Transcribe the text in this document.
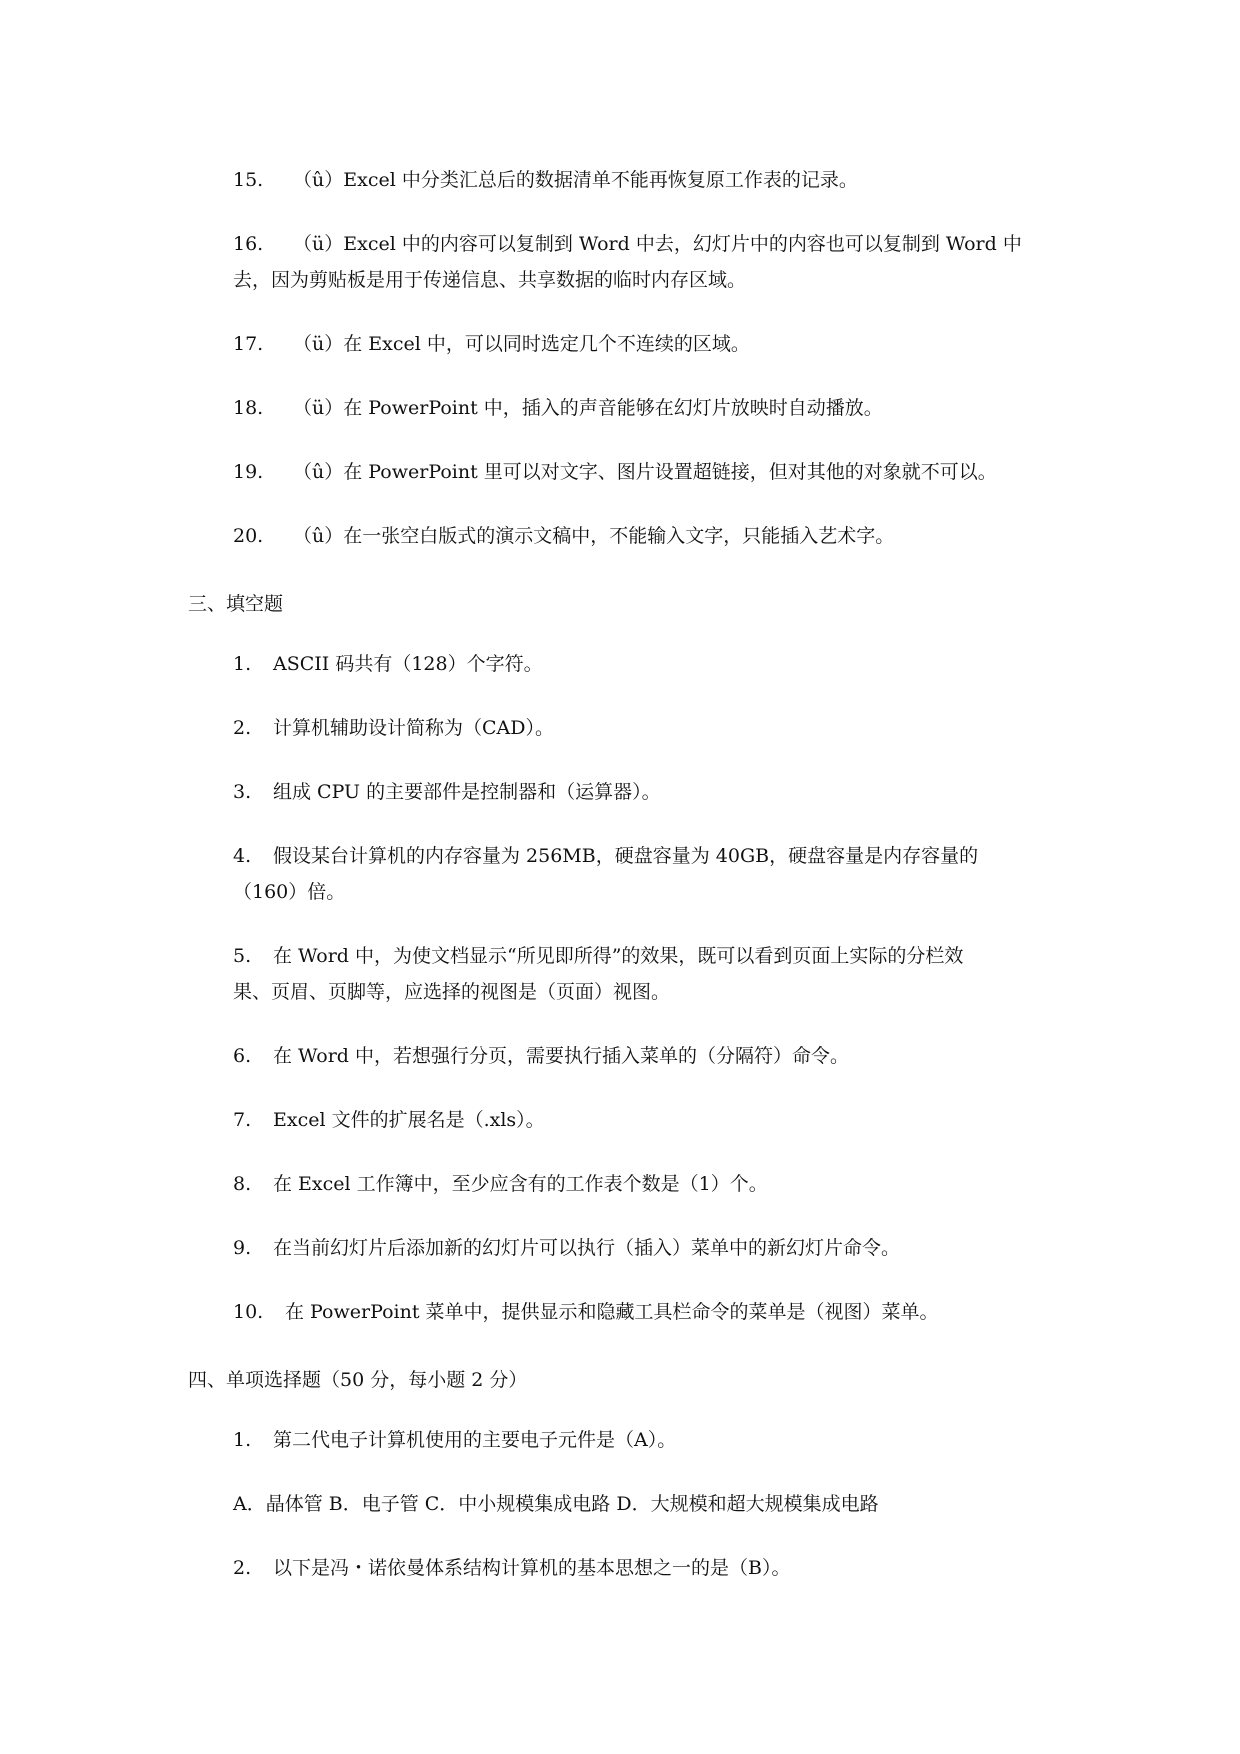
15. （û）Excel 中分类汇总后的数据清单不能再恢复原工作表的记录。
16. （ü）Excel 中的内容可以复制到 Word 中去，幻灯片中的内容也可以复制到 Word 中
去，因为剪贴板是用于传递信息、共享数据的临时内存区域。
17. （ü）在 Excel 中，可以同时选定几个不连续的区域。
18. （ü）在 PowerPoint 中，插入的声音能够在幻灯片放映时自动播放。
19. （û）在 PowerPoint 里可以对文字、图片设置超链接，但对其他的对象就不可以。
20. （û）在一张空白版式的演示文稿中，不能输入文字，只能插入艺术字。
三、填空题
1. ASCII 码共有（128）个字符。
2. 计算机辅助设计简称为（CAD）。
3. 组成 CPU 的主要部件是控制器和（运算器）。
4. 假设某台计算机的内存容量为 256MB，硬盘容量为 40GB，硬盘容量是内存容量的
（160）倍。
5. 在 Word 中，为使文档显示“所见即所得”的效果，既可以看到页面上实际的分栏效
果、页眉、页脚等，应选择的视图是（页面）视图。
6. 在 Word 中，若想强行分页，需要执行插入菜单的（分隔符）命令。
7. Excel 文件的扩展名是（.xls）。
8. 在 Excel 工作簿中，至少应含有的工作表个数是（1）个。
9. 在当前幻灯片后添加新的幻灯片可以执行（插入）菜单中的新幻灯片命令。
10. 在 PowerPoint 菜单中，提供显示和隐藏工具栏命令的菜单是（视图）菜单。
四、单项选择题（50 分，每小题 2 分）
1. 第二代电子计算机使用的主要电子元件是（A）。
A．晶体管 B．电子管 C．中小规模集成电路 D．大规模和超大规模集成电路
2. 以下是冯・诺依曼体系结构计算机的基本思想之一的是（B）。
